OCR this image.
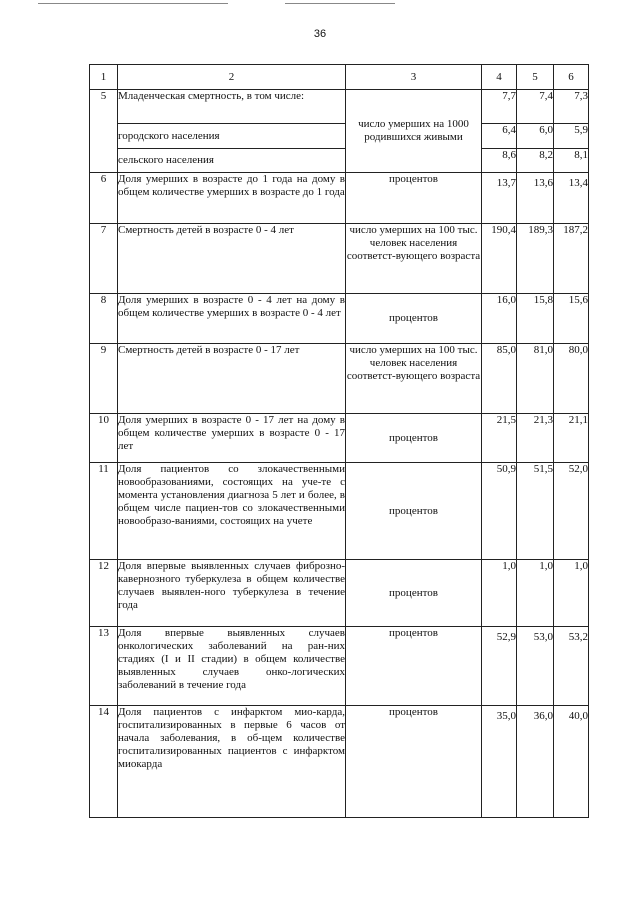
36
1	2	3	4	5	6
5	Младенческая смертность, в том числе:	число умерших на 1000 родившихся живыми	7,7	7,4	7,3
	городского населения		6,4	6,0	5,9
	сельского населения		8,6	8,2	8,1
6	Доля умерших в возрасте до 1 года на дому в общем количестве умерших в возрасте до 1 года	процентов	13,7	13,6	13,4
7	Смертность детей в возрасте 0 - 4 лет	число умерших на 100 тыс. человек населения соответст-вующего возраста	190,4	189,3	187,2
8	Доля умерших в возрасте 0 - 4 лет на дому в общем количестве умерших в возрасте 0 - 4 лет	процентов	16,0	15,8	15,6
9	Смертность детей в возрасте 0 - 17 лет	число умерших на 100 тыс. человек населения соответст-вующего возраста	85,0	81,0	80,0
10	Доля умерших в возрасте 0 - 17 лет на дому в общем количестве умерших в возрасте 0 - 17 лет	процентов	21,5	21,3	21,1
11	Доля пациентов со злокачественными новообразованиями, состоящих на уче-те с момента установления диагноза 5 лет и более, в общем числе пациен-тов со злокачественными новообразо-ваниями, состоящих на учете	процентов	50,9	51,5	52,0
12	Доля впервые выявленных случаев фиброзно-кавернозного туберкулеза в общем количестве случаев выявлен-ного туберкулеза в течение года	процентов	1,0	1,0	1,0
13	Доля впервые выявленных случаев онкологических заболеваний на ран-них стадиях (I и II стадии) в общем количестве выявленных случаев онко-логических заболеваний в течение года	процентов	52,9	53,0	53,2
14	Доля пациентов с инфарктом мио-карда, госпитализированных в первые 6 часов от начала заболевания, в об-щем количестве госпитализированных пациентов с инфарктом миокарда	процентов	35,0	36,0	40,0
